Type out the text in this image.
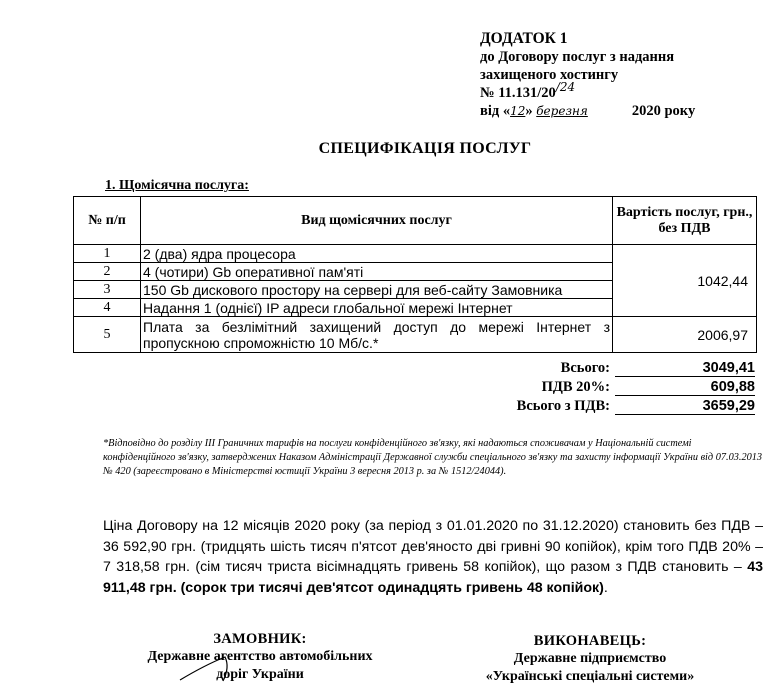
ДОДАТОК 1
до Договору послуг з надання
захищеного хостингу
№ $11.131/20^{/24}$
від «12» березня	2020 року
СПЕЦИФІКАЦІЯ ПОСЛУГ
1. Щомісячна послуга:
№ п/п	Вид щомісячних послуг	Вартість послуг, грн., без ПДВ
1	2 (два) ядра процесора	1042,44
2	4 (чотири) Gb оперативної пам'яті	
3	150 Gb дискового простору на сервері для веб-сайту Замовника	
4	Надання 1 (однієї) IP адреси глобальної мережі Інтернет	
5	Плата за безлімітний захищений доступ до мережі Інтернет з пропускною спроможністю 10 Мб/с.*	2006,97
Всього:	3049,41
ПДВ 20%:	609,88
Всього з ПДВ:	3659,29
*Відповідно до розділу ІІІ Граничних тарифів на послуги конфіденційного зв'язку, які надаються споживачам у Національній системі конфіденційного зв'язку, затверджених Наказом Адміністрації Державної служби спеціального зв'язку та захисту інформації України від 07.03.2013 № 420 (зареєстровано в Міністерстві юстиції України 3 вересня 2013 р. за № 1512/24044).
Ціна Договору на 12 місяців 2020 року (за період з 01.01.2020 по 31.12.2020) становить без ПДВ – 36 592,90 грн. (тридцять шість тисяч п'ятсот дев'яносто дві гривні 90 копійок), крім того ПДВ 20% – 7 318,58 грн. (сім тисяч триста вісімнадцять гривень 58 копійок), що разом з ПДВ становить – 43 911,48 грн. (сорок три тисячі дев'ятсот одинадцять гривень 48 копійок).
ЗАМОВНИК:
Державне агентство автомобільних
доріг України
ВИКОНАВЕЦЬ:
Державне підприємство
«Українські спеціальні системи»
